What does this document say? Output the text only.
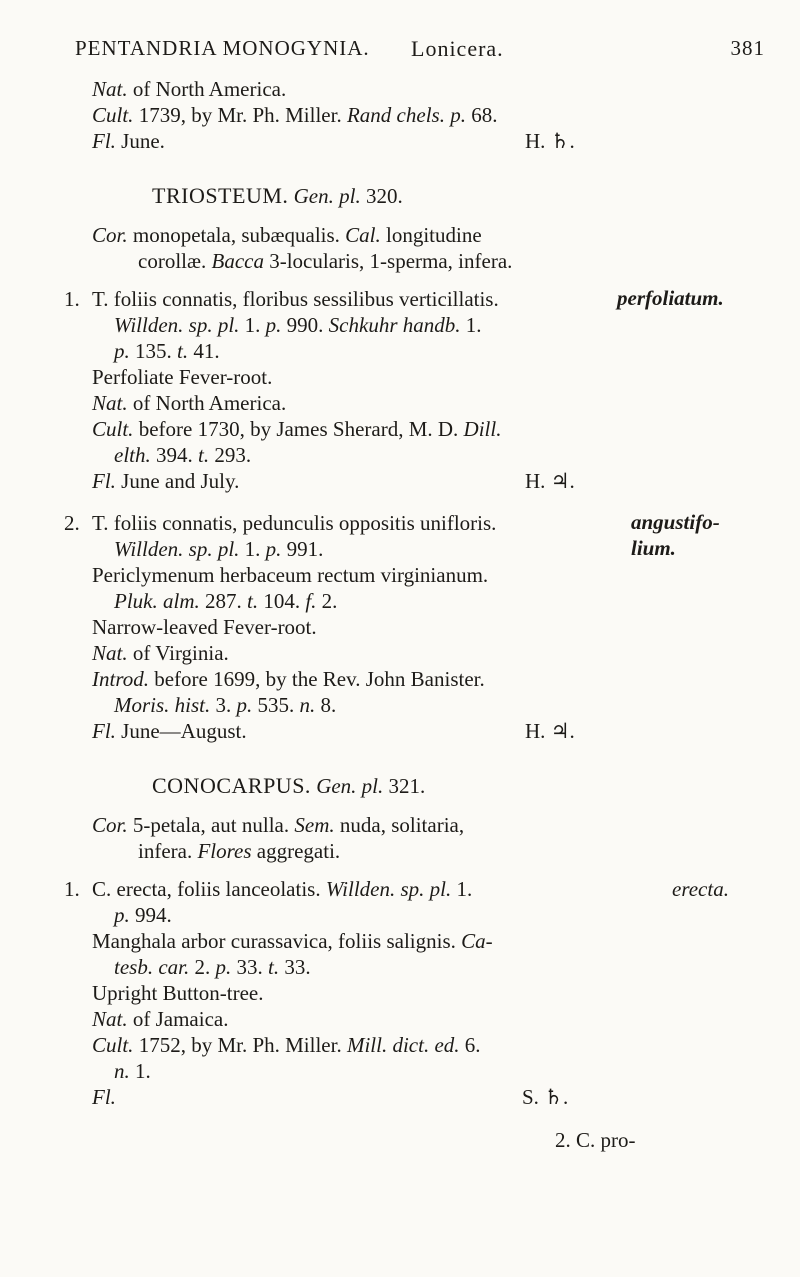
PENTANDRIA MONOGYNIA. Lonicera.	381
Nat. of North America.
Cult. 1739, by Mr. Ph. Miller. Rand chels. p. 68.
Fl. June.	H. ♄.
TRIOSTEUM. Gen. pl. 320.
Cor. monopetala, subæqualis. Cal. longitudine
corollæ. Bacca 3-locularis, 1-sperma, infera.
1. T. foliis connatis, floribus sessilibus verticillatis.	perfoliatum.
Willden. sp. pl. 1. p. 990. Schkuhr handb. 1.
p. 135. t. 41.
Perfoliate Fever-root.
Nat. of North America.
Cult. before 1730, by James Sherard, M. D. Dill.
elth. 394. t. 293.
Fl. June and July.	H. ♃.
2. T. foliis connatis, pedunculis oppositis unifloris.	angustifo-
lium.
Willden. sp. pl. 1. p. 991.
Periclymenum herbaceum rectum virginianum.
Pluk. alm. 287. t. 104. f. 2.
Narrow-leaved Fever-root.
Nat. of Virginia.
Introd. before 1699, by the Rev. John Banister.
Moris. hist. 3. p. 535. n. 8.
Fl. June—August.	H. ♃.
CONOCARPUS. Gen. pl. 321.
Cor. 5-petala, aut nulla. Sem. nuda, solitaria,
infera. Flores aggregati.
1. C. erecta, foliis lanceolatis. Willden. sp. pl. 1.	erecta.
p. 994.
Manghala arbor curassavica, foliis salignis. Ca-
tesb. car. 2. p. 33. t. 33.
Upright Button-tree.
Nat. of Jamaica.
Cult. 1752, by Mr. Ph. Miller. Mill. dict. ed. 6.
n. 1.
Fl.	S. ♄.
2. C. pro-
